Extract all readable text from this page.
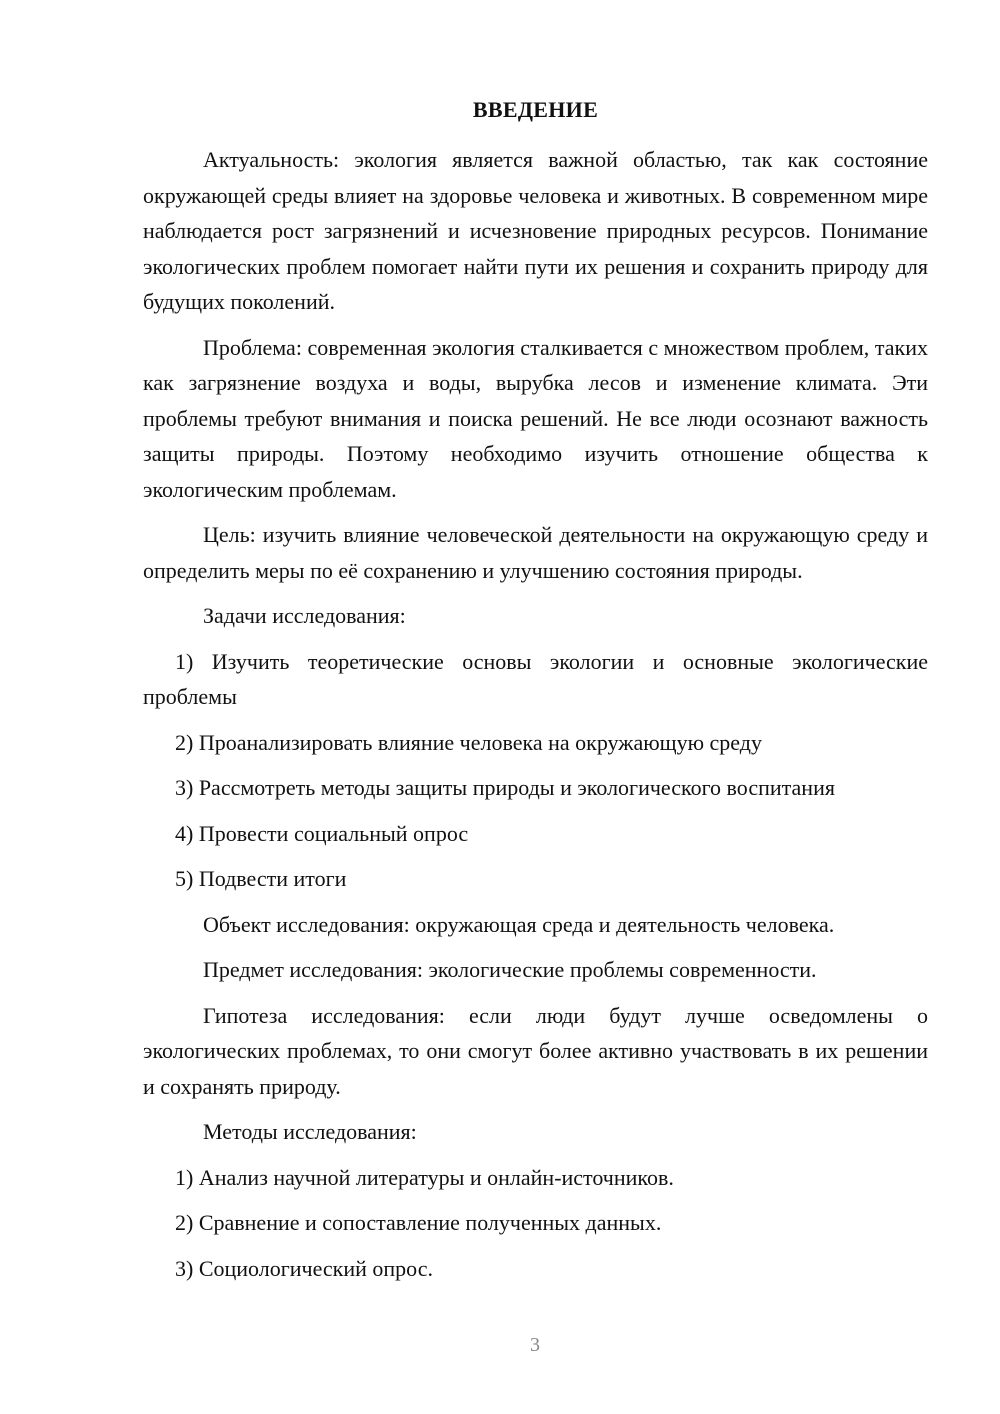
ВВЕДЕНИЕ

Актуальность: экология является важной областью, так как состояние окружающей среды влияет на здоровье человека и животных. В современном мире наблюдается рост загрязнений и исчезновение природных ресурсов. Понимание экологических проблем помогает найти пути их решения и сохранить природу для будущих поколений.

Проблема: современная экология сталкивается с множеством проблем, таких как загрязнение воздуха и воды, вырубка лесов и изменение климата. Эти проблемы требуют внимания и поиска решений. Не все люди осознают важность защиты природы. Поэтому необходимо изучить отношение общества к экологическим проблемам.

Цель: изучить влияние человеческой деятельности на окружающую среду и определить меры по её сохранению и улучшению состояния природы.

Задачи исследования:

1) Изучить теоретические основы экологии и основные экологические проблемы

2) Проанализировать влияние человека на окружающую среду

3) Рассмотреть методы защиты природы и экологического воспитания

4) Провести социальный опрос

5) Подвести итоги

Объект исследования: окружающая среда и деятельность человека.

Предмет исследования: экологические проблемы современности.

Гипотеза исследования: если люди будут лучше осведомлены о экологических проблемах, то они смогут более активно участвовать в их решении и сохранять природу.

Методы исследования:

1) Анализ научной литературы и онлайн-источников.

2) Сравнение и сопоставление полученных данных.

3) Социологический опрос.

3
